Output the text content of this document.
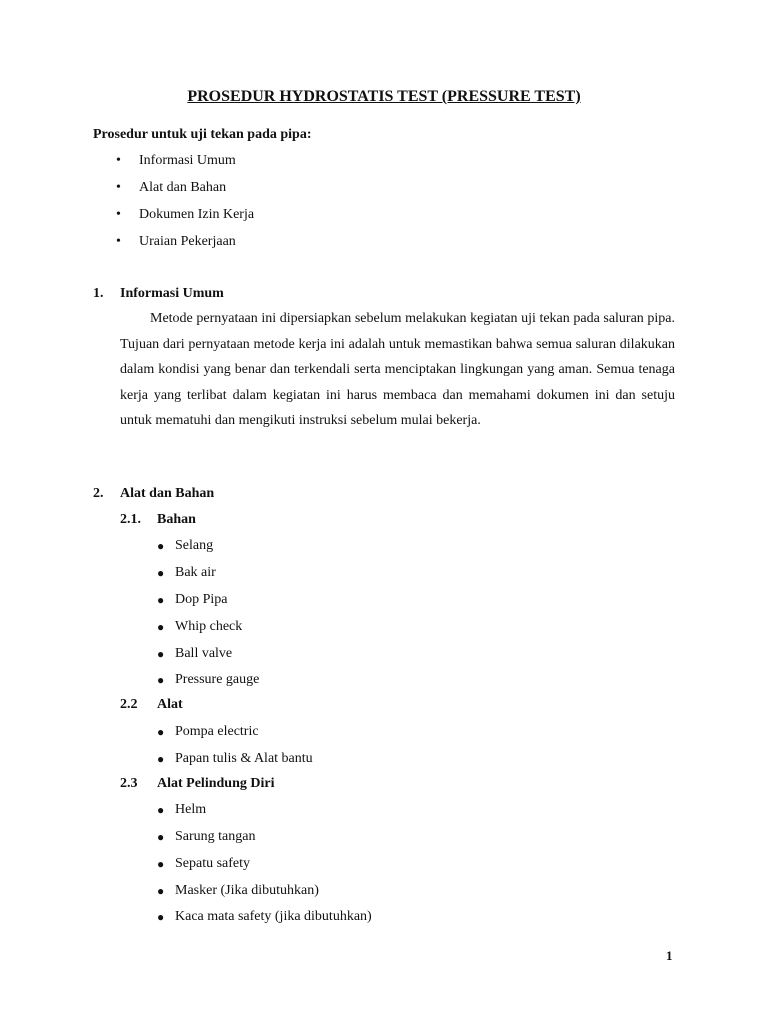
PROSEDUR HYDROSTATIS TEST (PRESSURE TEST)
Prosedur untuk uji tekan pada pipa:
• Informasi Umum
• Alat dan Bahan
• Dokumen Izin Kerja
• Uraian Pekerjaan
1. Informasi Umum
Metode pernyataan ini dipersiapkan sebelum melakukan kegiatan uji tekan pada saluran pipa. Tujuan dari pernyataan metode kerja ini adalah untuk memastikan bahwa semua saluran dilakukan dalam kondisi yang benar dan terkendali serta menciptakan lingkungan yang aman. Semua tenaga kerja yang terlibat dalam kegiatan ini harus membaca dan memahami dokumen ini dan setuju untuk mematuhi dan mengikuti instruksi sebelum mulai bekerja.
2. Alat dan Bahan
2.1. Bahan
● Selang
● Bak air
● Dop Pipa
● Whip check
● Ball valve
● Pressure gauge
2.2 Alat
● Pompa electric
● Papan tulis & Alat bantu
2.3 Alat Pelindung Diri
● Helm
● Sarung tangan
● Sepatu safety
● Masker (Jika dibutuhkan)
● Kaca mata safety (jika dibutuhkan)
1
